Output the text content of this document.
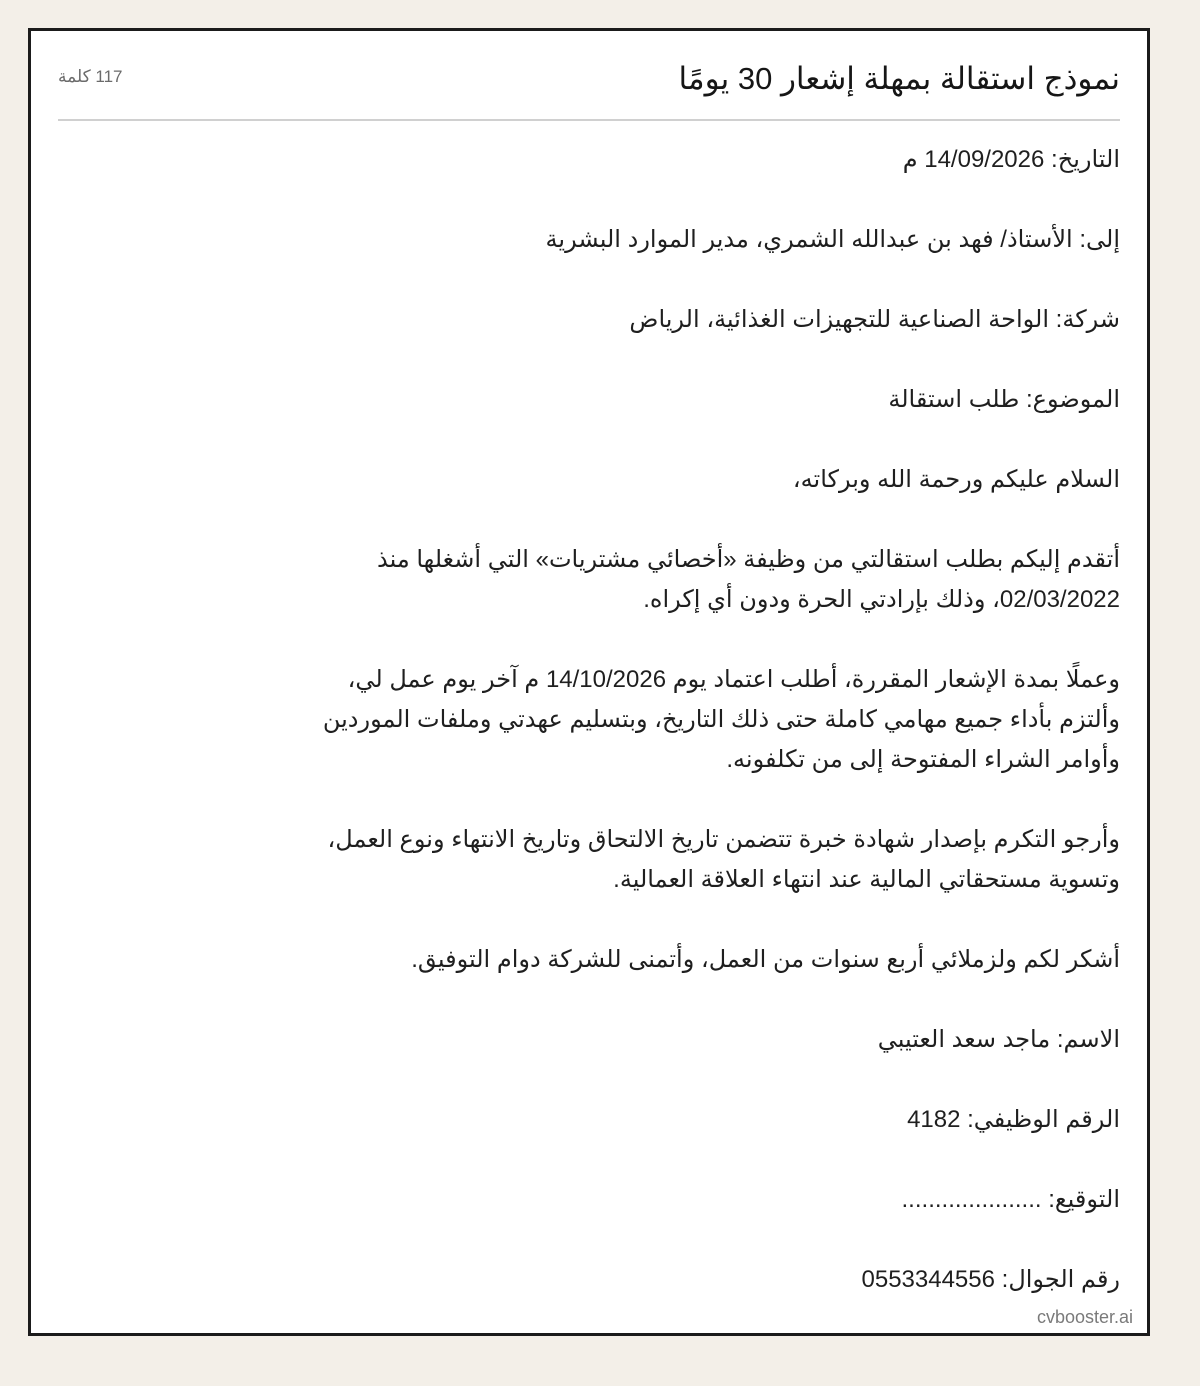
نموذج استقالة بمهلة إشعار 30 يومًا
117 كلمة

التاريخ: 14/09/2026 م

إلى: الأستاذ/ فهد بن عبدالله الشمري، مدير الموارد البشرية

شركة: الواحة الصناعية للتجهيزات الغذائية، الرياض

الموضوع: طلب استقالة

السلام عليكم ورحمة الله وبركاته،

أتقدم إليكم بطلب استقالتي من وظيفة «أخصائي مشتريات» التي أشغلها منذ 02/03/2022، وذلك بإرادتي الحرة ودون أي إكراه.

وعملًا بمدة الإشعار المقررة، أطلب اعتماد يوم 14/10/2026 م آخر يوم عمل لي، وألتزم بأداء جميع مهامي كاملة حتى ذلك التاريخ، وبتسليم عهدتي وملفات الموردين وأوامر الشراء المفتوحة إلى من تكلفونه.

وأرجو التكرم بإصدار شهادة خبرة تتضمن تاريخ الالتحاق وتاريخ الانتهاء ونوع العمل، وتسوية مستحقاتي المالية عند انتهاء العلاقة العمالية.

أشكر لكم ولزملائي أربع سنوات من العمل، وأتمنى للشركة دوام التوفيق.

الاسم: ماجد سعد العتيبي

الرقم الوظيفي: 4182

التوقيع: .....................

رقم الجوال: 0553344556

cvbooster.ai
